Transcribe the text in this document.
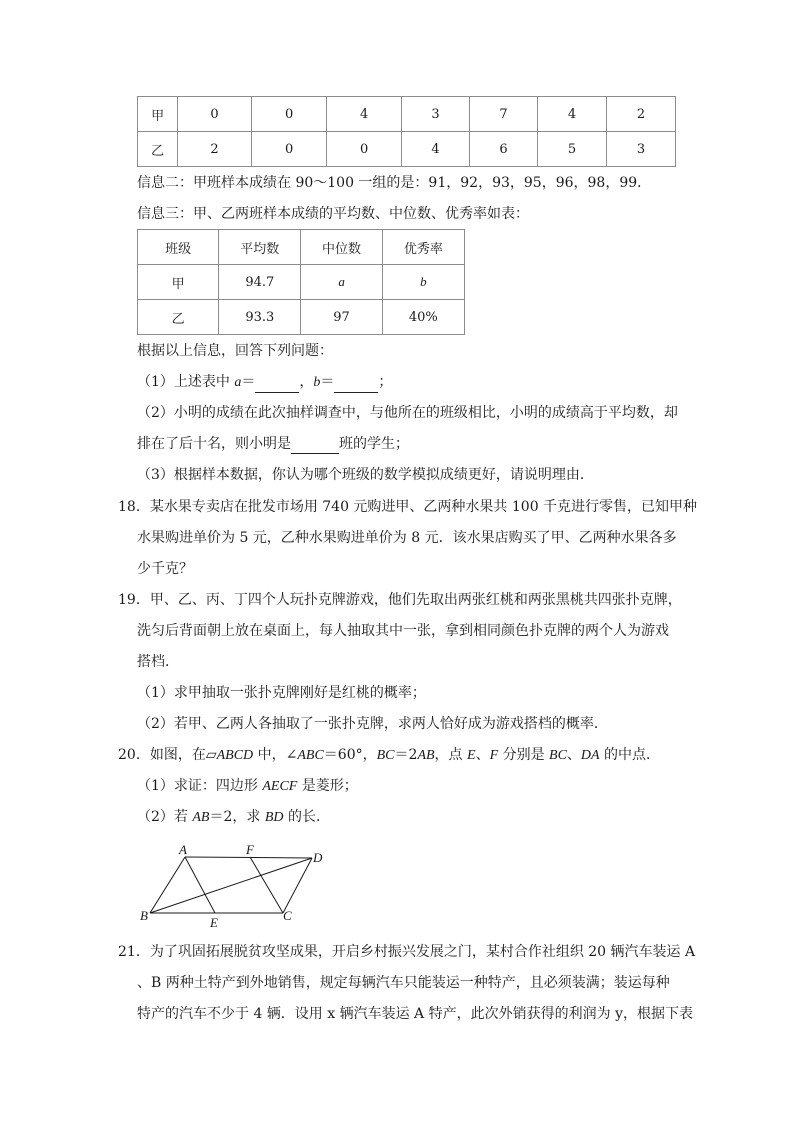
甲	0	0	4	3	7	4	2
乙	2	0	0	4	6	5	3
信息二：甲班样本成绩在 90～100 一组的是：91，92，93，95，96，98，99．
信息三：甲、乙两班样本成绩的平均数、中位数、优秀率如表：
班级	平均数	中位数	优秀率
甲	94.7	a	b
乙	93.3	97	40%
根据以上信息，回答下列问题：
（1）上述表中 a＝	，b＝	；
（2）小明的成绩在此次抽样调查中，与他所在的班级相比，小明的成绩高于平均数，却
排在了后十名，则小明是	班的学生；
（3）根据样本数据，你认为哪个班级的数学模拟成绩更好，请说明理由．
18．某水果专卖店在批发市场用 740 元购进甲、乙两种水果共 100 千克进行零售，已知甲种
水果购进单价为 5 元，乙种水果购进单价为 8 元．该水果店购买了甲、乙两种水果各多
少千克？
19．甲、乙、丙、丁四个人玩扑克牌游戏，他们先取出两张红桃和两张黑桃共四张扑克牌，
洗匀后背面朝上放在桌面上，每人抽取其中一张，拿到相同颜色扑克牌的两个人为游戏
搭档．
（1）求甲抽取一张扑克牌刚好是红桃的概率；
（2）若甲、乙两人各抽取了一张扑克牌，求两人恰好成为游戏搭档的概率．
20．如图，在▱ABCD 中，∠ABC＝60°，BC＝2AB，点 E、F 分别是 BC、DA 的中点．
（1）求证：四边形 AECF 是菱形；
（2）若 AB＝2，求 BD 的长．
A	F
D
B	E	C
21．为了巩固拓展脱贫攻坚成果，开启乡村振兴发展之门，某村合作社组织 20 辆汽车装运 A
、B 两种土特产到外地销售，规定每辆汽车只能装运一种特产，且必须装满；装运每种
特产的汽车不少于 4 辆．设用 x 辆汽车装运 A 特产，此次外销获得的利润为 y，根据下表
